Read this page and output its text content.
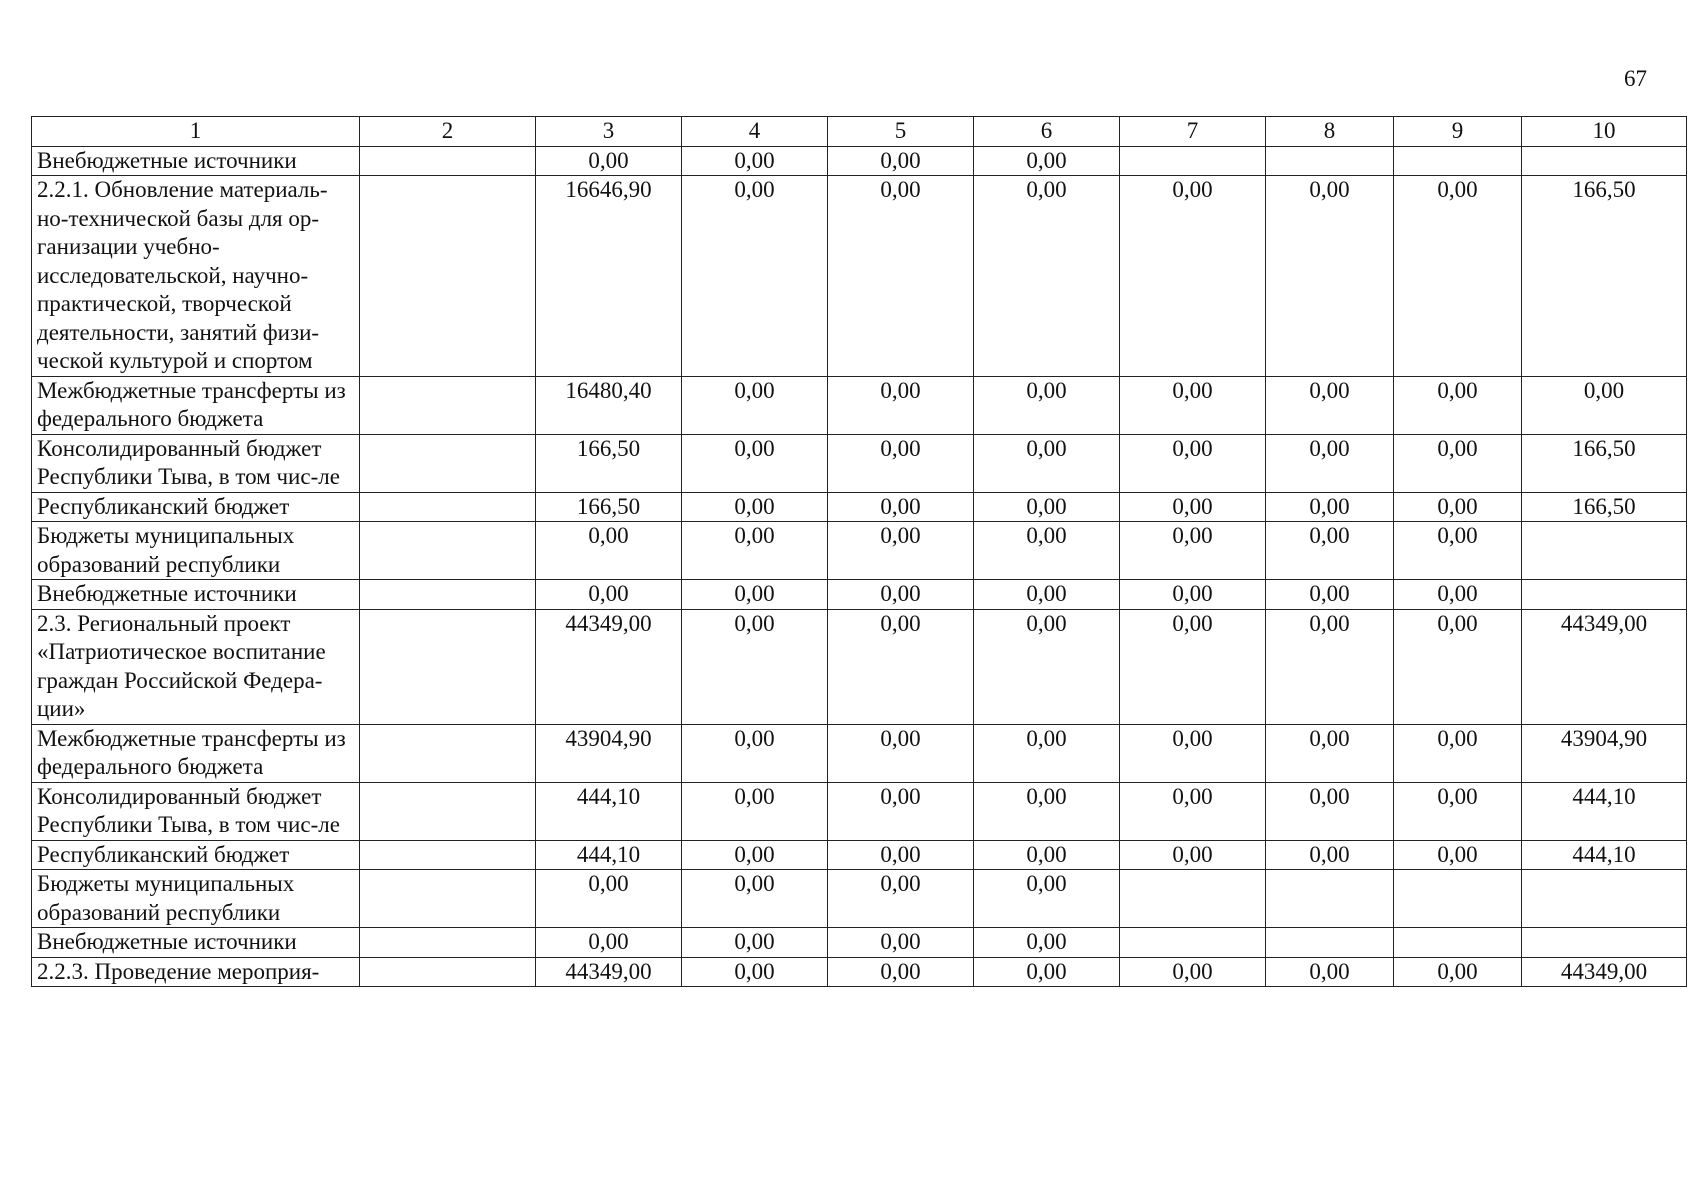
67
1	2	3	4	5	6	7	8	9	10
Внебюджетные источники		0,00	0,00	0,00	0,00				
2.2.1. Обновление материаль-но-технической базы для ор-ганизации учебно-исследовательской, научно-практической, творческой деятельности, занятий физи-ческой культурой и спортом		16646,90	0,00	0,00	0,00	0,00	0,00	0,00	166,50
Межбюджетные трансферты из федерального бюджета		16480,40	0,00	0,00	0,00	0,00	0,00	0,00	0,00
Консолидированный бюджет Республики Тыва, в том чис-ле		166,50	0,00	0,00	0,00	0,00	0,00	0,00	166,50
Республиканский бюджет		166,50	0,00	0,00	0,00	0,00	0,00	0,00	166,50
Бюджеты муниципальных образований республики		0,00	0,00	0,00	0,00	0,00	0,00	0,00	
Внебюджетные источники		0,00	0,00	0,00	0,00	0,00	0,00	0,00	
2.3. Региональный проект «Патриотическое воспитание граждан Российской Федера-ции»		44349,00	0,00	0,00	0,00	0,00	0,00	0,00	44349,00
Межбюджетные трансферты из федерального бюджета		43904,90	0,00	0,00	0,00	0,00	0,00	0,00	43904,90
Консолидированный бюджет Республики Тыва, в том чис-ле		444,10	0,00	0,00	0,00	0,00	0,00	0,00	444,10
Республиканский бюджет		444,10	0,00	0,00	0,00	0,00	0,00	0,00	444,10
Бюджеты муниципальных образований республики		0,00	0,00	0,00	0,00				
Внебюджетные источники		0,00	0,00	0,00	0,00				
2.2.3. Проведение мероприя-		44349,00	0,00	0,00	0,00	0,00	0,00	0,00	44349,00
